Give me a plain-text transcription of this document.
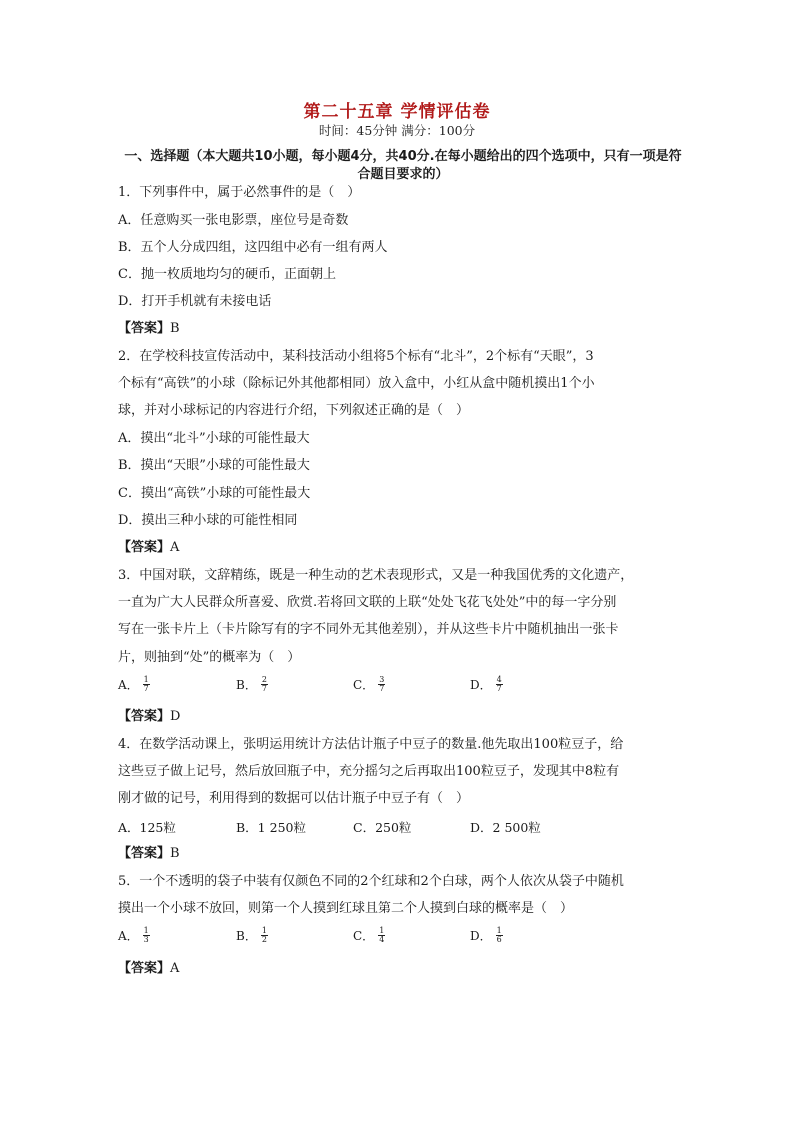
第二十五章 学情评估卷
时间：45分钟 满分：100分
一、选择题（本大题共10小题，每小题4分，共40分.在每小题给出的四个选项中，只有一项是符合题目要求的）
1．下列事件中，属于必然事件的是（　）
A．任意购买一张电影票，座位号是奇数
B．五个人分成四组，这四组中必有一组有两人
C．抛一枚质地均匀的硬币，正面朝上
D．打开手机就有未接电话
【答案】B
2．在学校科技宣传活动中，某科技活动小组将5个标有“北斗”，2个标有“天眼”，3
个标有“高铁”的小球（除标记外其他都相同）放入盒中，小红从盒中随机摸出1个小
球，并对小球标记的内容进行介绍，下列叙述正确的是（　）
A．摸出“北斗”小球的可能性最大
B．摸出“天眼”小球的可能性最大
C．摸出“高铁”小球的可能性最大
D．摸出三种小球的可能性相同
【答案】A
3．中国对联，文辞精练，既是一种生动的艺术表现形式，又是一种我国优秀的文化遗产，
一直为广大人民群众所喜爱、欣赏.若将回文联的上联“处处飞花飞处处”中的每一字分别
写在一张卡片上（卡片除写有的字不同外无其他差别），并从这些卡片中随机抽出一张卡
片，则抽到“处”的概率为（　）
A． $\frac{1}{7}$	B． $\frac{2}{7}$	C． $\frac{3}{7}$	D． $\frac{4}{7}$
【答案】D
4．在数学活动课上，张明运用统计方法估计瓶子中豆子的数量.他先取出100粒豆子，给
这些豆子做上记号，然后放回瓶子中，充分摇匀之后再取出100粒豆子，发现其中8粒有
刚才做的记号，利用得到的数据可以估计瓶子中豆子有（　）
A．125粒	B．1 250粒	C．250粒	D．2 500粒
【答案】B
5．一个不透明的袋子中装有仅颜色不同的2个红球和2个白球，两个人依次从袋子中随机
摸出一个小球不放回，则第一个人摸到红球且第二个人摸到白球的概率是（　）
A． $\frac{1}{3}$	B． $\frac{1}{2}$	C． $\frac{1}{4}$	D． $\frac{1}{6}$
【答案】A
